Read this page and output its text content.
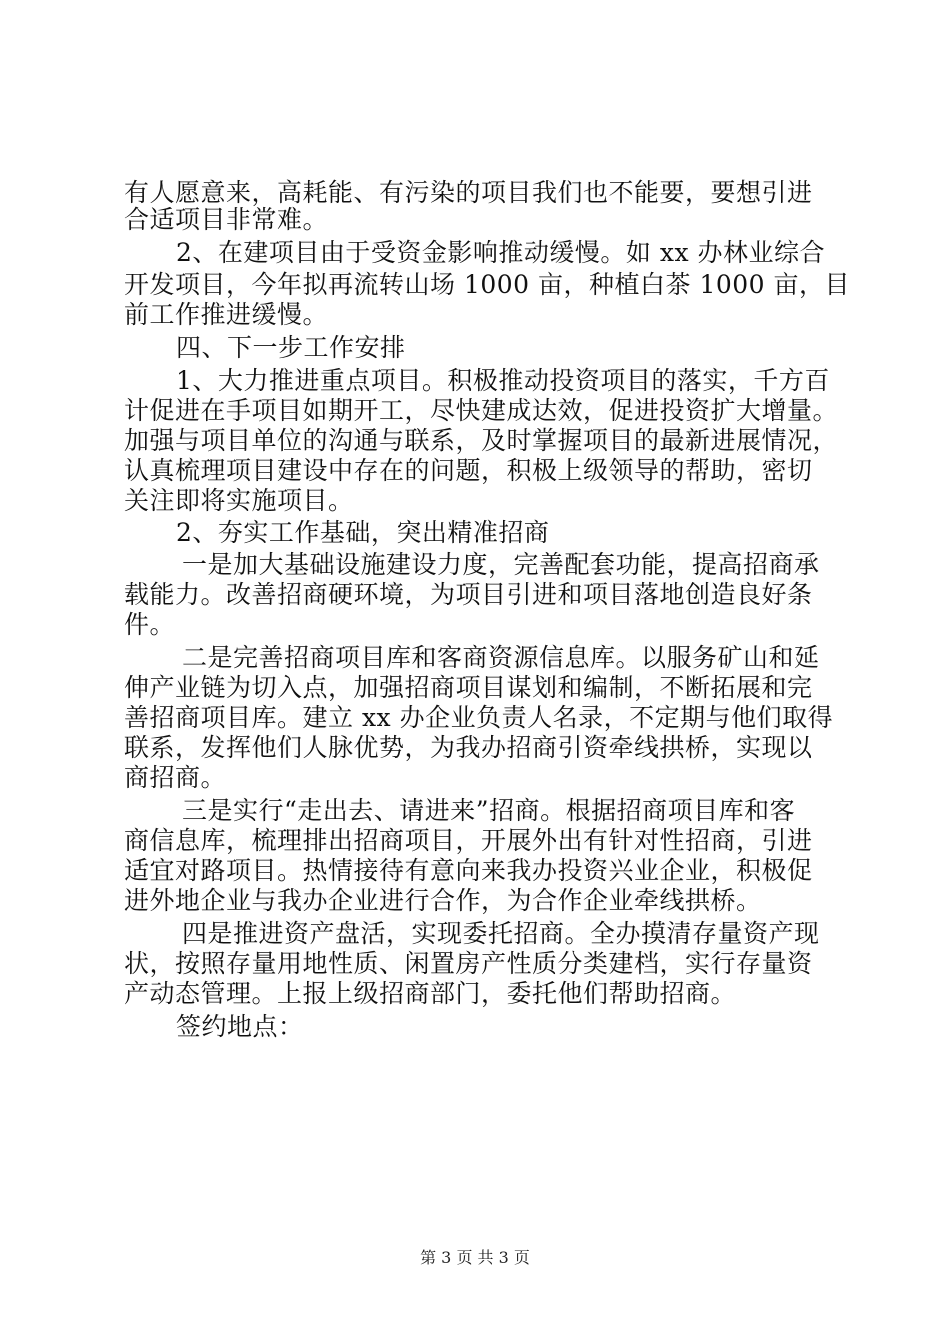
有人愿意来，高耗能、有污染的项目我们也不能要，要想引进
合适项目非常难。
2、在建项目由于受资金影响推动缓慢。如 xx 办林业综合
开发项目，今年拟再流转山场 1000 亩，种植白茶 1000 亩，目
前工作推进缓慢。
四、下一步工作安排
1、大力推进重点项目。积极推动投资项目的落实，千方百
计促进在手项目如期开工，尽快建成达效，促进投资扩大增量。
加强与项目单位的沟通与联系，及时掌握项目的最新进展情况，
认真梳理项目建设中存在的问题，积极上级领导的帮助，密切
关注即将实施项目。
2、夯实工作基础，突出精准招商
一是加大基础设施建设力度，完善配套功能，提高招商承
载能力。改善招商硬环境，为项目引进和项目落地创造良好条
件。
二是完善招商项目库和客商资源信息库。以服务矿山和延
伸产业链为切入点，加强招商项目谋划和编制，不断拓展和完
善招商项目库。建立 xx 办企业负责人名录，不定期与他们取得
联系，发挥他们人脉优势，为我办招商引资牵线拱桥，实现以
商招商。
三是实行“走出去、请进来”招商。根据招商项目库和客
商信息库，梳理排出招商项目，开展外出有针对性招商，引进
适宜对路项目。热情接待有意向来我办投资兴业企业，积极促
进外地企业与我办企业进行合作，为合作企业牵线拱桥。
四是推进资产盘活，实现委托招商。全办摸清存量资产现
状，按照存量用地性质、闲置房产性质分类建档，实行存量资
产动态管理。上报上级招商部门，委托他们帮助招商。
签约地点：
第 3 页 共 3 页
